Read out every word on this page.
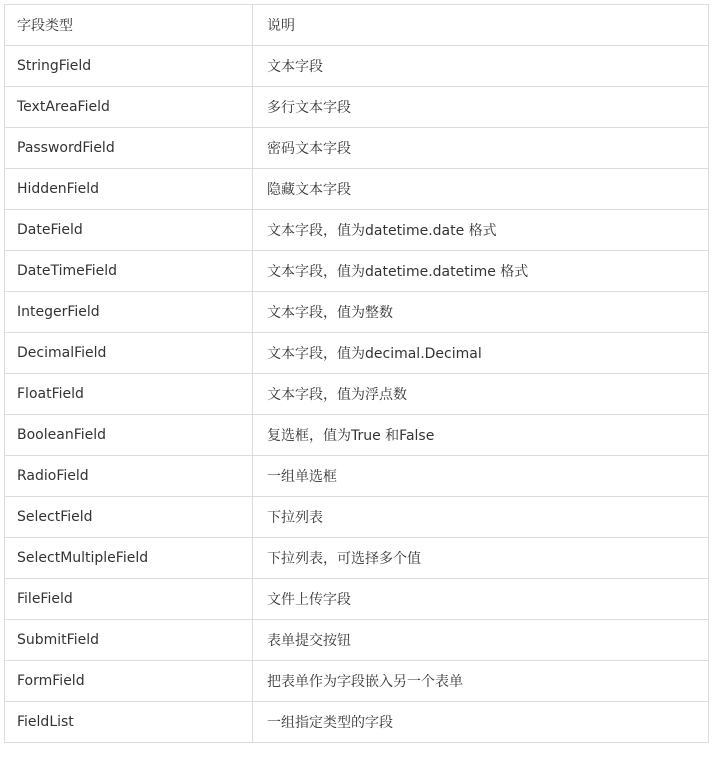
字段类型	说明
StringField	文本字段
TextAreaField	多行文本字段
PasswordField	密码文本字段
HiddenField	隐藏文本字段
DateField	文本字段，值为datetime.date 格式
DateTimeField	文本字段，值为datetime.datetime 格式
IntegerField	文本字段，值为整数
DecimalField	文本字段，值为decimal.Decimal
FloatField	文本字段，值为浮点数
BooleanField	复选框，值为True 和False
RadioField	一组单选框
SelectField	下拉列表
SelectMultipleField	下拉列表，可选择多个值
FileField	文件上传字段
SubmitField	表单提交按钮
FormField	把表单作为字段嵌入另一个表单
FieldList	一组指定类型的字段
